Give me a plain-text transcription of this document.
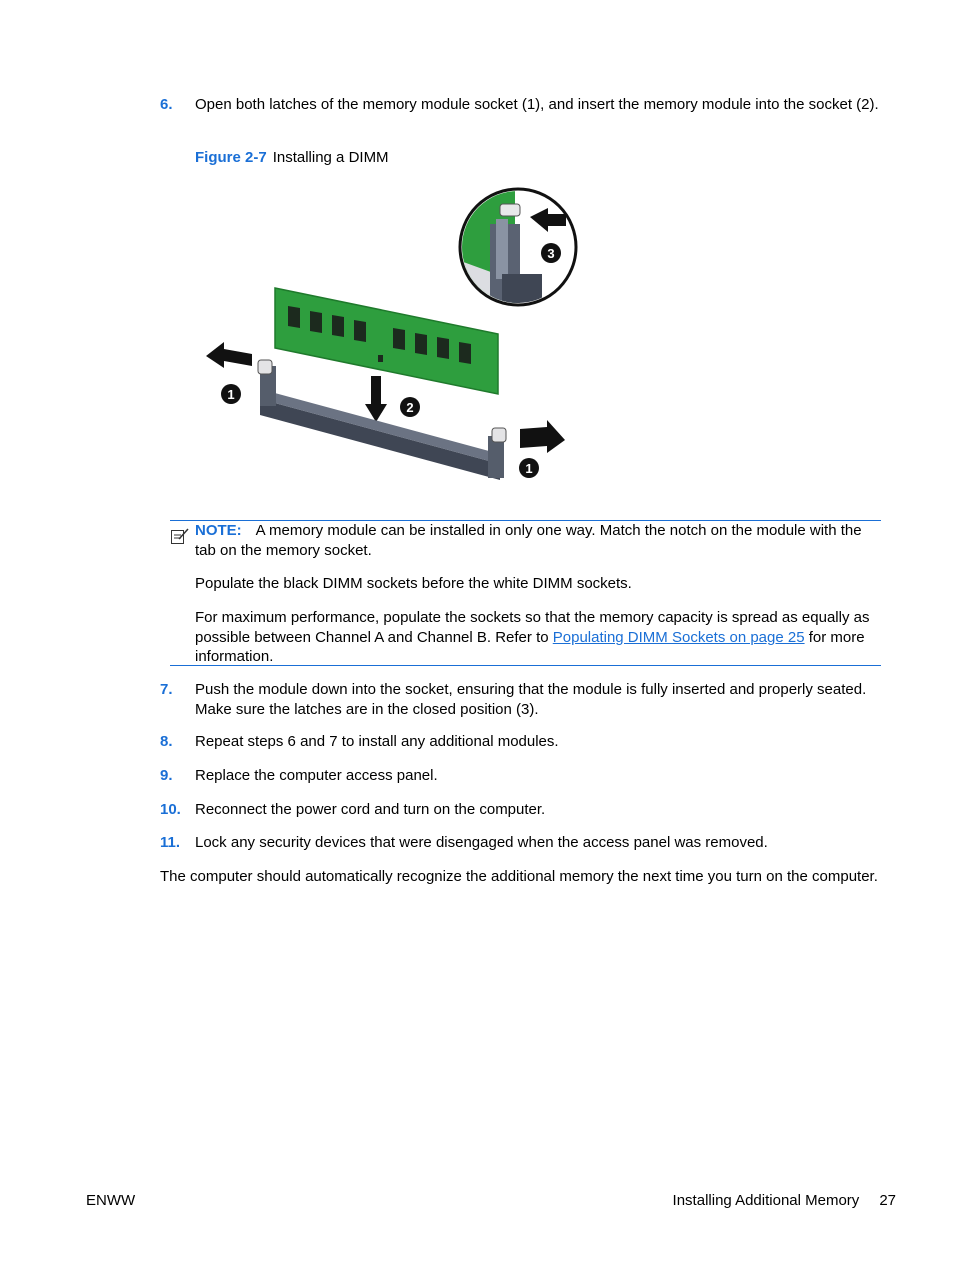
6. Open both latches of the memory module socket (1), and insert the memory module into the socket (2).
Figure 2-7 Installing a DIMM
3
2
1
1

NOTE: A memory module can be installed in only one way. Match the notch on the module with the tab on the memory socket.

Populate the black DIMM sockets before the white DIMM sockets.

For maximum performance, populate the sockets so that the memory capacity is spread as equally as possible between Channel A and Channel B. Refer to Populating DIMM Sockets on page 25 for more information.

7. Push the module down into the socket, ensuring that the module is fully inserted and properly seated. Make sure the latches are in the closed position (3).
8. Repeat steps 6 and 7 to install any additional modules.
9. Replace the computer access panel.
10. Reconnect the power cord and turn on the computer.
11. Lock any security devices that were disengaged when the access panel was removed.

The computer should automatically recognize the additional memory the next time you turn on the computer.

ENWW	Installing Additional Memory 27
